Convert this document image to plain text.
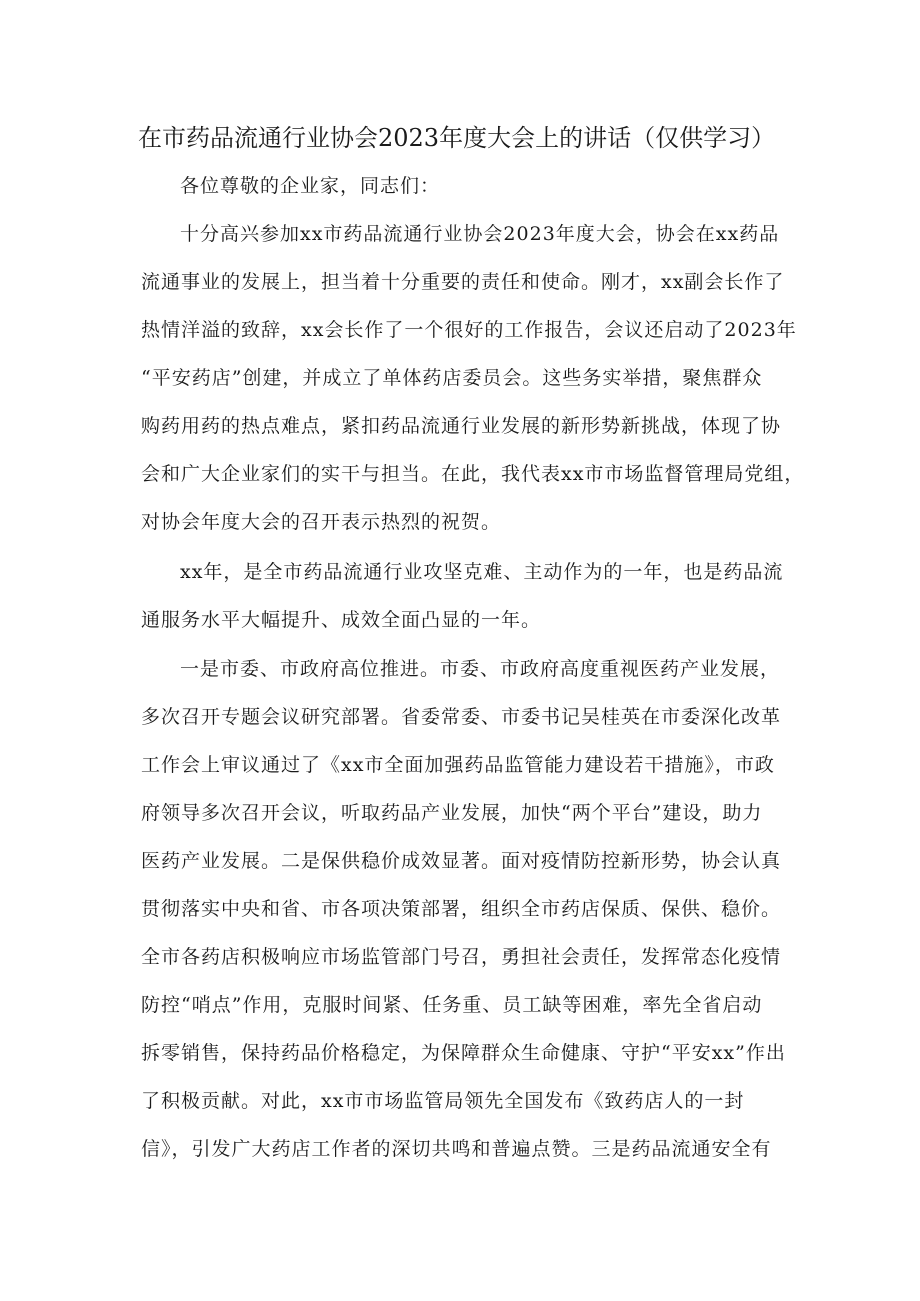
在市药品流通行业协会2023年度大会上的讲话（仅供学习）
各位尊敬的企业家，同志们：
十分高兴参加xx市药品流通行业协会2023年度大会，协会在xx药品
流通事业的发展上，担当着十分重要的责任和使命。刚才，xx副会长作了
热情洋溢的致辞，xx会长作了一个很好的工作报告，会议还启动了2023年
“平安药店”创建，并成立了单体药店委员会。这些务实举措，聚焦群众
购药用药的热点难点，紧扣药品流通行业发展的新形势新挑战，体现了协
会和广大企业家们的实干与担当。在此，我代表xx市市场监督管理局党组，
对协会年度大会的召开表示热烈的祝贺。
xx年，是全市药品流通行业攻坚克难、主动作为的一年，也是药品流
通服务水平大幅提升、成效全面凸显的一年。
一是市委、市政府高位推进。市委、市政府高度重视医药产业发展，
多次召开专题会议研究部署。省委常委、市委书记吴桂英在市委深化改革
工作会上审议通过了《xx市全面加强药品监管能力建设若干措施》，市政
府领导多次召开会议，听取药品产业发展，加快“两个平台”建设，助力
医药产业发展。二是保供稳价成效显著。面对疫情防控新形势，协会认真
贯彻落实中央和省、市各项决策部署，组织全市药店保质、保供、稳价。
全市各药店积极响应市场监管部门号召，勇担社会责任，发挥常态化疫情
防控“哨点”作用，克服时间紧、任务重、员工缺等困难，率先全省启动
拆零销售，保持药品价格稳定，为保障群众生命健康、守护“平安xx”作出
了积极贡献。对此，xx市市场监管局领先全国发布《致药店人的一封
信》，引发广大药店工作者的深切共鸣和普遍点赞。三是药品流通安全有
